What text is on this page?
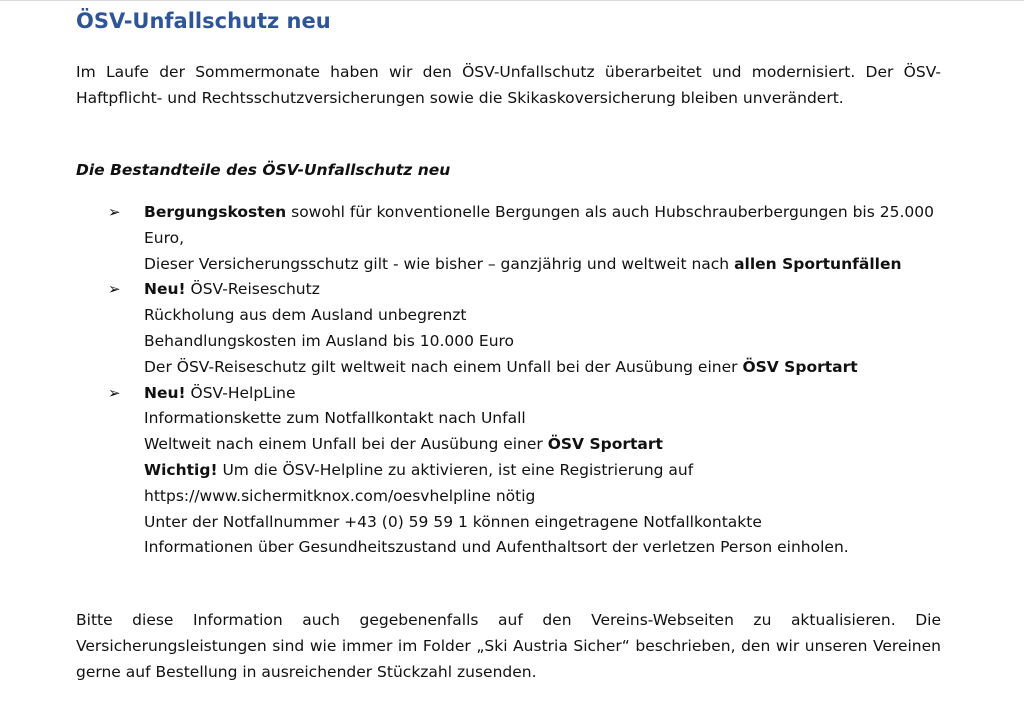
ÖSV-Unfallschutz neu
Im Laufe der Sommermonate haben wir den ÖSV-Unfallschutz überarbeitet und modernisiert. Der ÖSV-Haftpflicht- und Rechtsschutzversicherungen sowie die Skikaskoversicherung bleiben unverändert.
Die Bestandteile des ÖSV-Unfallschutz neu
➢ Bergungskosten sowohl für konventionelle Bergungen als auch Hubschrauberbergungen bis 25.000 Euro,
Dieser Versicherungsschutz gilt - wie bisher – ganzjährig und weltweit nach allen Sportunfällen
➢ Neu! ÖSV-Reiseschutz
Rückholung aus dem Ausland unbegrenzt
Behandlungskosten im Ausland bis 10.000 Euro
Der ÖSV-Reiseschutz gilt weltweit nach einem Unfall bei der Ausübung einer ÖSV Sportart
➢ Neu! ÖSV-HelpLine
Informationskette zum Notfallkontakt nach Unfall
Weltweit nach einem Unfall bei der Ausübung einer ÖSV Sportart
Wichtig! Um die ÖSV-Helpline zu aktivieren, ist eine Registrierung auf
https://www.sichermitknox.com/oesvhelpline nötig
Unter der Notfallnummer +43 (0) 59 59 1 können eingetragene Notfallkontakte
Informationen über Gesundheitszustand und Aufenthaltsort der verletzen Person einholen.
Bitte diese Information auch gegebenenfalls auf den Vereins-Webseiten zu aktualisieren. Die Versicherungsleistungen sind wie immer im Folder „Ski Austria Sicher“ beschrieben, den wir unseren Vereinen gerne auf Bestellung in ausreichender Stückzahl zusenden.
